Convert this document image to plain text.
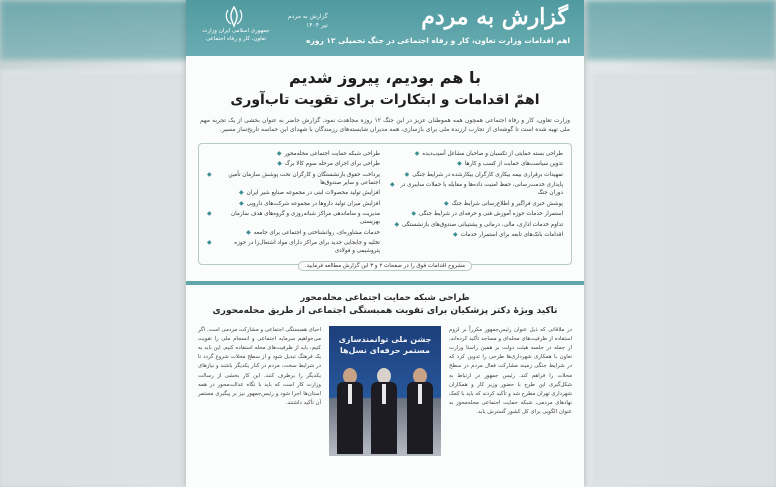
گزارش به مردم
اهم اقدامات وزارت تعاون، کار و رفاه اجتماعی در جنگ تحمیلی ۱۲ روزه
گزارش به مردم
تیر ۱۴۰۴
جمهوری اسلامی ایران وزارت تعاون، کار و رفاه اجتماعی
با هم بودیم، پیروز شدیم
اهمّ اقدامات و ابتکارات برای تقویت تاب‌آوری
وزارت تعاون، کار و رفاه اجتماعی همچون همه هموطنان عزیز در این جنگ ۱۲ روزه مجاهدت نمود. گزارش حاضر به عنوان بخشی از یک تجربه مهم ملی تهیه شده است تا گوشه‌ای از تجارب ارزنده ملی برای بازسازی، همه مدیران شایسته‌های رزمندگان با شهدای این حماسه تاریخ‌ساز مسیر.
◆ طراحی شبکه حمایت اجتماعی محله‌محور
◆ طراحی برای اجرای مرحله سوم کالا برگ
◆	پرداخت حقوق بازنشستگان و کارگران تحت پوشش سازمان تأمین اجتماعی و سایر صندوق‌ها
◆ افزایش تولید محصولات لبنی در مجموعه صنایع شیر ایران
◆ افزایش میزان تولید داروها در مجموعه شرکت‌های دارویی
◆	مدیریت و ساماندهی مراکز شبانه‌روزی و گروه‌های هدف سازمان بهزیستی
◆ خدمات مشاوره‌ای، روانشناختی و اجتماعی برای جامعه
◆	تخلیه و جابجایی جدید برای مراکز دارای مواد اشتعال‌زا در حوزه پتروشیمی و فولادی
◆ طراحی بسته حمایتی از تکسبان و صاحبان مشاغل آسیب‌دیده
◆ تدوین سیاست‌های حمایت از کسب و کارها
◆ تمهیدات برقراری بیمه بیکاری کارگران بیکارشده در شرایط جنگی
◆ پایداری خدمت‌رسانی، حفظ امنیت داده‌ها و مقابله با حملات سایبری در دوران جنگ
◆ پوشش خبری فراگیر و اطلاع‌رسانی شرایط جنگ
◆ استمرار خدمات حوزه آموزش فنی و حرفه‌ای در شرایط جنگی
◆ تداوم خدمات اداری، مالی، درمانی و پشتیبانی صندوق‌های بازنشستگی
◆ اقدامات بانک‌های تابعه برای استمرار خدمات
مشروح اقدامات فوق را در صفحات ۲ و ۳ این گزارش مطالعه فرمایید.
طراحی شبکه حمایت اجتماعی محله‌محور
تاکید ویژۀ دکتر پزشکیان برای تقویت همبستگی اجتماعی از طریق محله‌محوری
در ملاقاتی که ذیل عنوان رئیس‌جمهور مکرراً بر لزوم استفاده از ظرفیت‌های محله‌ای و مساجد تأکید کرده‌اند، از جمله در جلسه هیئت دولت بر همین راستا وزارت تعاون با همکاری شهرداری‌ها طرحی را تدوین کرد که در شرایط جنگی زمینه مشارکت فعال مردم در سطح محلات را فراهم کند. رئیس جمهور در ارتباط به شکل‌گیری این طرح با حضور وزیر کار و همکاران شهرداری تهران مطرح شد و تأکید کردند که باید با کمک نهادهای مردمی، شبکه حمایت اجتماعی محله‌محور به عنوان الگویی برای کل کشور گسترش یابد.
جشن ملی توانمندسازی مستمر حرفه‌ای نسل‌ها
احیای همبستگی اجتماعی و مشارکت مردمی است. اگر می‌خواهیم سرمایه اجتماعی و انسجام ملی را تقویت کنیم، باید از ظرفیت‌های محله استفاده کنیم. این باید به یک فرهنگ تبدیل شود و از سطح محلات شروع گردد تا در شرایط سخت، مردم در کنار یکدیگر باشند و نیازهای یکدیگر را برطرف کنند. این کار بخشی از رسالت وزارت کار است که باید با نگاه عدالت‌محور در همه استان‌ها اجرا شود و رئیس‌جمهور نیز بر پیگیری مستمر آن تأکید داشتند.
